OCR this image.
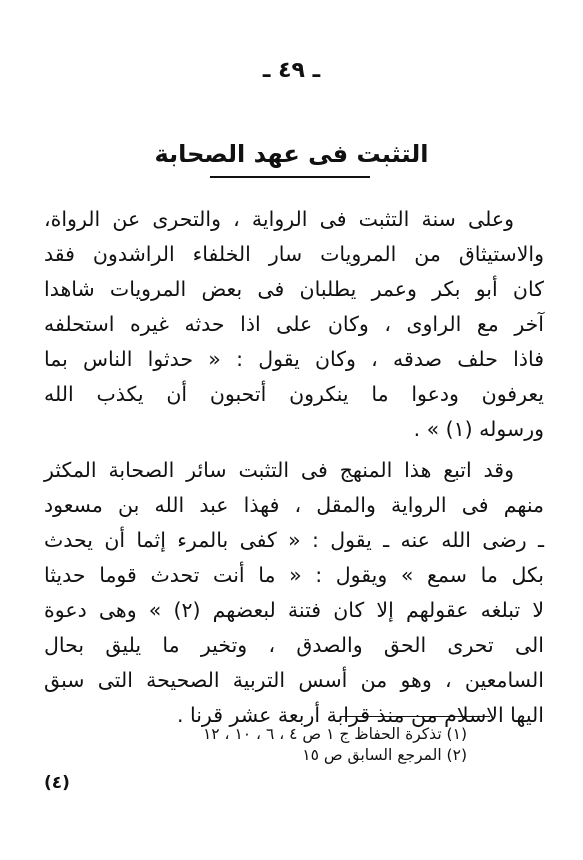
ـ ٤٩ ـ
التثبت فى عهد الصحابة
وعلى سنة التثبت فى الرواية ، والتحرى عن الرواة،
والاستيثاق من المرويات سار الخلفاء الراشدون فقد
كان أبو بكر وعمر يطلبان فى بعض المرويات شاهدا
آخر مع الراوى ، وكان على اذا حدثه غيره استحلفه
فاذا حلف صدقه ، وكان يقول : « حدثوا الناس بما
يعرفون ودعوا ما ينكرون أتحبون أن يكذب الله
ورسوله (١) » .
وقد اتبع هذا المنهج فى التثبت سائر الصحابة المكثر
منهم فى الرواية والمقل ، فهذا عبد الله بن مسعود
ـ رضى الله عنه ـ يقول : « كفى بالمرء إثما أن يحدث
بكل ما سمع » ويقول : « ما أنت تحدث قوما حديثا
لا تبلغه عقولهم إلا كان فتنة لبعضهم (٢) » وهى دعوة
الى تحرى الحق والصدق ، وتخير ما يليق بحال
السامعين ، وهو من أسس التربية الصحيحة التى سبق
اليها الاسلام من منذ قرابة أربعة عشر قرنا .
(١) تذكرة الحفاظ ج ١ ص ٤ ، ٦ ، ١٠ ، ١٢
(٢) المرجع السابق ص ١٥
(٤)
